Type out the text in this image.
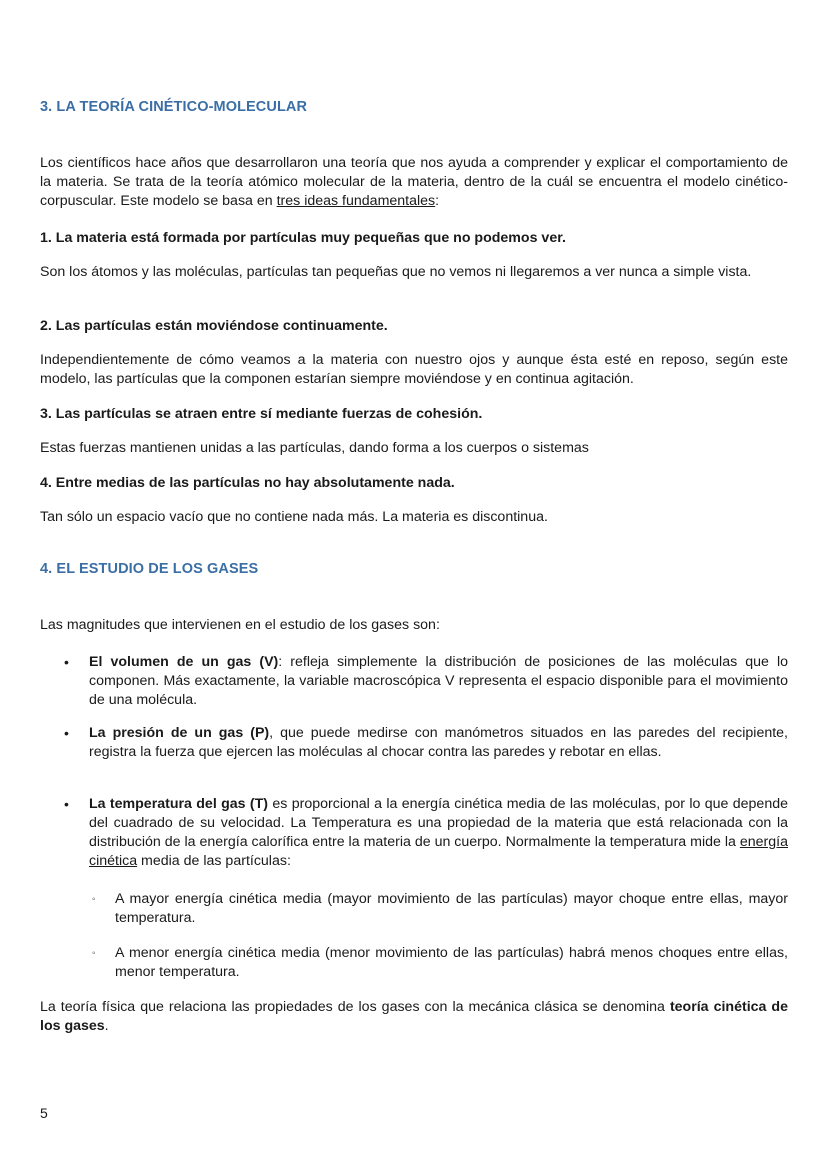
3. LA TEORÍA CINÉTICO-MOLECULAR

Los científicos hace años que desarrollaron una teoría que nos ayuda a comprender y explicar el comportamiento de la materia. Se trata de la teoría atómico molecular de la materia, dentro de la cuál se encuentra el modelo cinético-corpuscular. Este modelo se basa en tres ideas fundamentales:

1. La materia está formada por partículas muy pequeñas que no podemos ver.

Son los átomos y las moléculas, partículas tan pequeñas que no vemos ni llegaremos a ver nunca a simple vista.

2. Las partículas están moviéndose continuamente.

Independientemente de cómo veamos a la materia con nuestro ojos y aunque ésta esté en reposo, según este modelo, las partículas que la componen estarían siempre moviéndose y en continua agitación.

3. Las partículas se atraen entre sí mediante fuerzas de cohesión.

Estas fuerzas mantienen unidas a las partículas, dando forma a los cuerpos o sistemas

4. Entre medias de las partículas no hay absolutamente nada.

Tan sólo un espacio vacío que no contiene nada más. La materia es discontinua.

4. EL ESTUDIO DE LOS GASES

Las magnitudes que intervienen en el estudio de los gases son:

• El volumen de un gas (V): refleja simplemente la distribución de posiciones de las moléculas que lo componen. Más exactamente, la variable macroscópica V representa el espacio disponible para el movimiento de una molécula.

• La presión de un gas (P), que puede medirse con manómetros situados en las paredes del recipiente, registra la fuerza que ejercen las moléculas al chocar contra las paredes y rebotar en ellas.

• La temperatura del gas (T) es proporcional a la energía cinética media de las moléculas, por lo que depende del cuadrado de su velocidad. La Temperatura es una propiedad de la materia que está relacionada con la distribución de la energía calorífica entre la materia de un cuerpo. Normalmente la temperatura mide la energía cinética media de las partículas:

◦ A mayor energía cinética media (mayor movimiento de las partículas) mayor choque entre ellas, mayor temperatura.

◦ A menor energía cinética media (menor movimiento de las partículas) habrá menos choques entre ellas, menor temperatura.

La teoría física que relaciona las propiedades de los gases con la mecánica clásica se denomina teoría cinética de los gases.

5
